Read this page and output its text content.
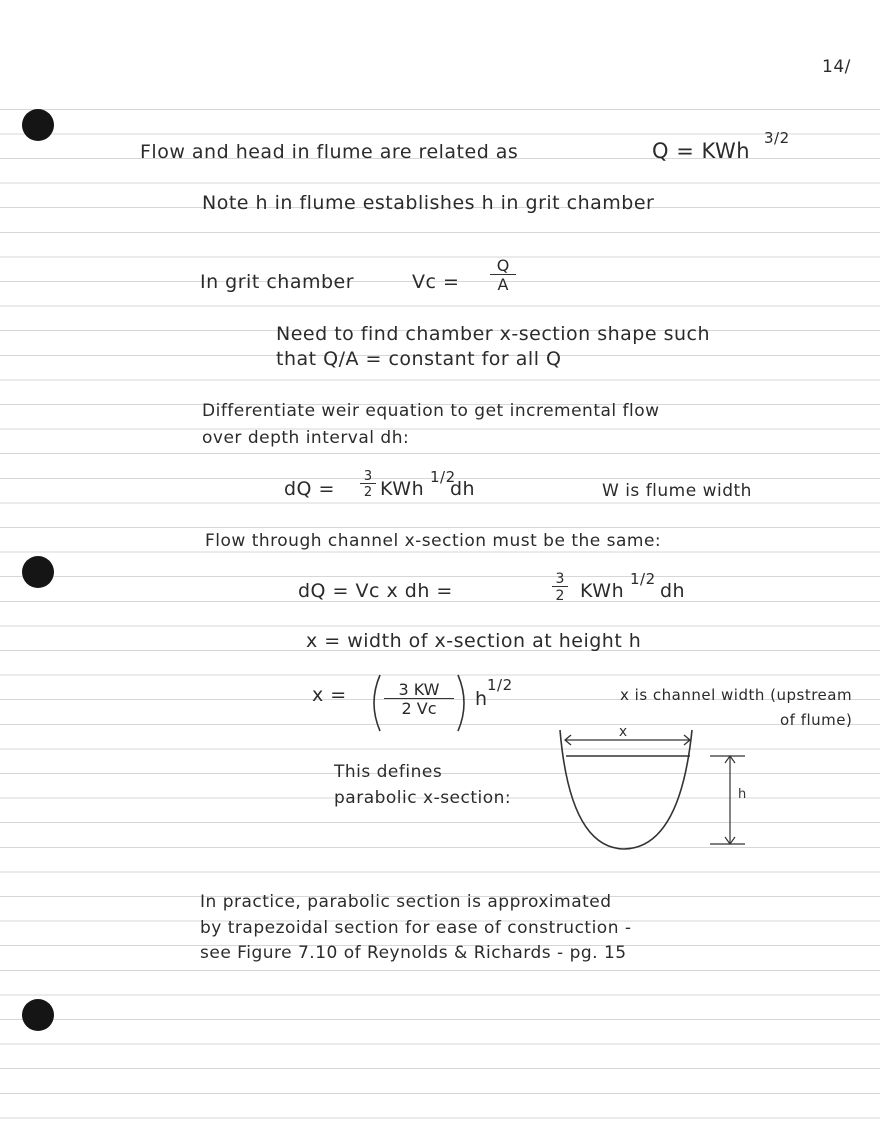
14/
Flow and head in flume are related as	Q = KWh
3/2
Note h in flume establishes h in grit chamber
In grit chamber	$Vc = \frac{Q}{A}$
Need to find chamber x-section shape such
that Q/A = constant for all Q
Differentiate weir equation to get incremental flow
over depth interval dh:
dQ = $\frac{3}{2}$ KWh
1/2
dh	W is flume width
Flow through channel x-section must be the same:
dQ = Vc x dh =	$\frac{3}{2}$ KWh
1/2
dh
x = width of x-section at height h
$x = \frac{3 KW}{2 Vc}$ h
1/2
x is channel width (upstream
of flume)
This defines
parabolic x-section:
x
h
In practice, parabolic section is approximated
by trapezoidal section for ease of construction -
see Figure 7.10 of Reynolds & Richards - pg. 15
